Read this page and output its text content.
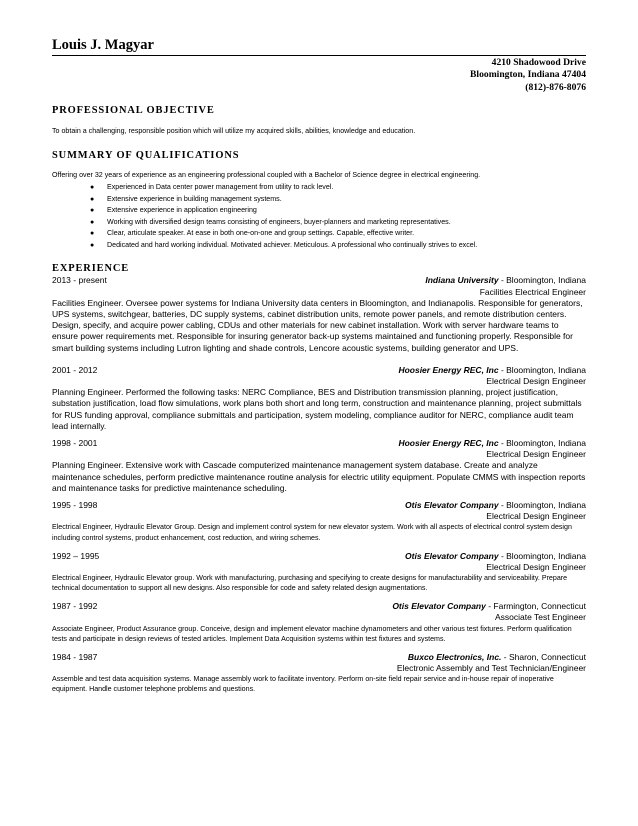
Louis J. Magyar
4210 Shadowood Drive
Bloomington, Indiana 47404
(812)-876-8076
PROFESSIONAL OBJECTIVE
To obtain a challenging, responsible position which will utilize my acquired skills, abilities, knowledge and education.
SUMMARY OF QUALIFICATIONS
Offering over 32 years of experience as an engineering professional coupled with a Bachelor of Science degree in electrical engineering.
● Experienced in Data center power management from utility to rack level.
● Extensive experience in building management systems.
● Extensive experience in application engineering
● Working with diversified design teams consisting of engineers, buyer-planners and marketing representatives.
● Clear, articulate speaker. At ease in both one-on-one and group settings. Capable, effective writer.
● Dedicated and hard working individual. Motivated achiever. Meticulous. A professional who continually strives to excel.
EXPERIENCE
2013 - present	Indiana University - Bloomington, Indiana
Facilities Electrical Engineer
Facilities Engineer. Oversee power systems for Indiana University data centers in Bloomington, and Indianapolis. Responsible for generators, UPS systems, switchgear, batteries, DC supply systems, cabinet distribution units, remote power panels, and remote distribution centers. Design, specify, and acquire power cabling, CDUs and other materials for new cabinet installation. Work with server hardware teams to ensure power requirements met. Responsible for insuring generator back-up systems maintained and functioning properly. Responsible for smart building systems including Lutron lighting and shade controls, Lencore acoustic systems, building generator and UPS.
2001 - 2012	Hoosier Energy REC, Inc - Bloomington, Indiana
Electrical Design Engineer
Planning Engineer. Performed the following tasks: NERC Compliance, BES and Distribution transmission planning, project justification, substation justification, load flow simulations, work plans both short and long term, construction and maintenance planning, project submittals for RUS funding approval, compliance submittals and participation, system modeling, compliance auditor for NERC, compliance audit team lead internally.
1998 - 2001	Hoosier Energy REC, Inc - Bloomington, Indiana
Electrical Design Engineer
Planning Engineer. Extensive work with Cascade computerized maintenance management system database. Create and analyze maintenance schedules, perform predictive maintenance routine analysis for electric utility equipment. Populate CMMS with inspection reports and maintenance tasks for predictive maintenance scheduling.
1995 - 1998	Otis Elevator Company - Bloomington, Indiana
Electrical Design Engineer
Electrical Engineer, Hydraulic Elevator Group. Design and implement control system for new elevator system. Work with all aspects of electrical control system design including control systems, product enhancement, cost reduction, and wiring schemes.
1992 – 1995	Otis Elevator Company - Bloomington, Indiana
Electrical Design Engineer
Electrical Engineer, Hydraulic Elevator group. Work with manufacturing, purchasing and specifying to create designs for manufacturability and serviceability. Prepare technical documentation to support all new designs. Also responsible for code and safety related design augmentations.
1987 - 1992	Otis Elevator Company - Farmington, Connecticut
Associate Test Engineer
Associate Engineer, Product Assurance group. Conceive, design and implement elevator machine dynamometers and other various test fixtures. Perform qualification tests and participate in design reviews of tested articles. Implement Data Acquisition systems within test fixtures and systems.
1984 - 1987	Buxco Electronics, Inc. - Sharon, Connecticut
Electronic Assembly and Test Technician/Engineer
Assemble and test data acquisition systems. Manage assembly work to facilitate inventory. Perform on-site field repair service and in-house repair of inoperative equipment. Handle customer telephone problems and questions.
